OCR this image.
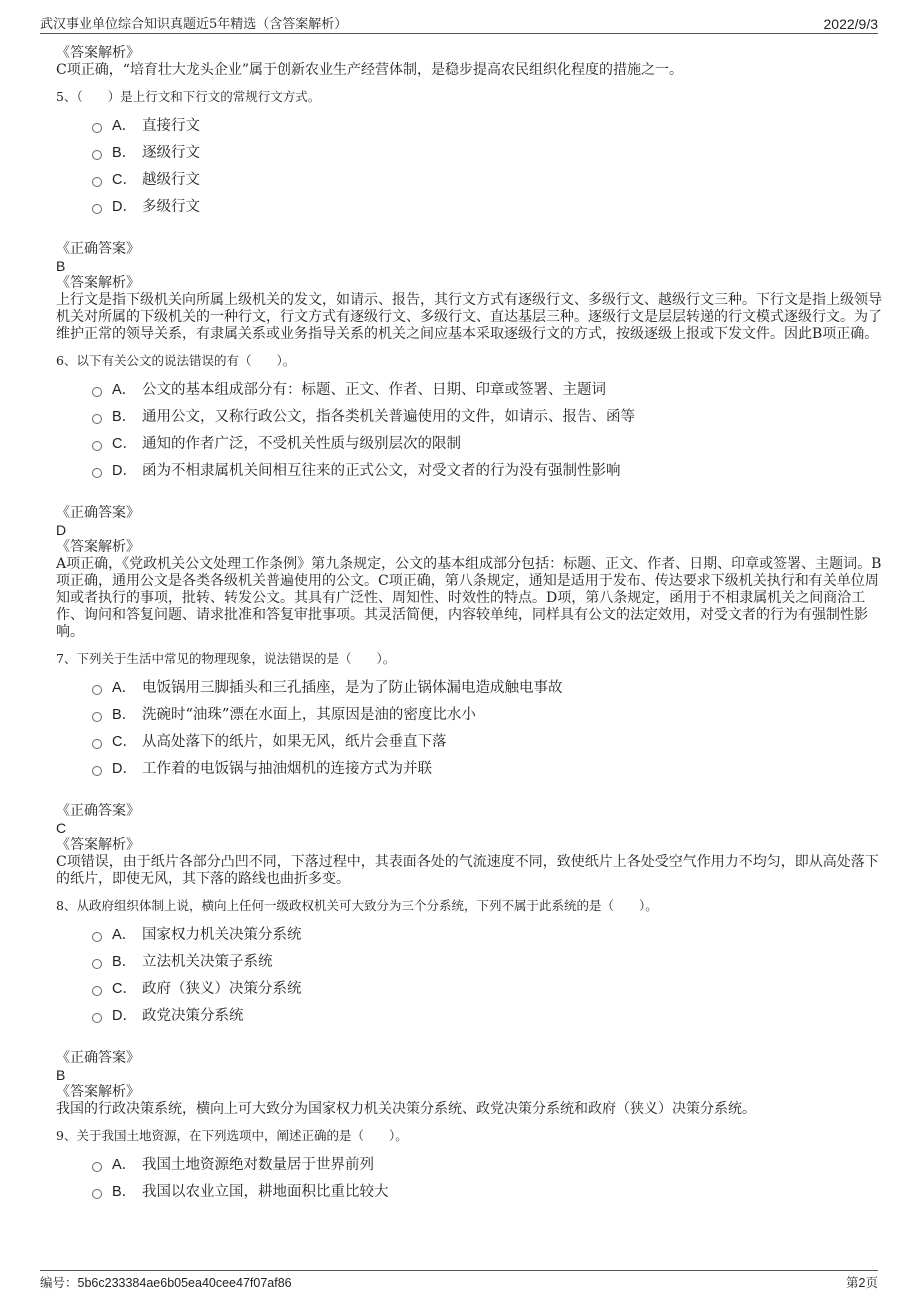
武汉事业单位综合知识真题近5年精选（含答案解析）	2022/9/3
《答案解析》
C项正确，“培育壮大龙头企业”属于创新农业生产经营体制，是稳步提高农民组织化程度的措施之一。
5、（　　）是上行文和下行文的常规行文方式。
A． 直接行文
B． 逐级行文
C． 越级行文
D． 多级行文
《正确答案》
B
《答案解析》
上行文是指下级机关向所属上级机关的发文，如请示、报告，其行文方式有逐级行文、多级行文、越级行文三种。下行文是指上级领导机关对所属的下级机关的一种行文，行文方式有逐级行文、多级行文、直达基层三种。逐级行文是层层转递的行文模式逐级行文。为了维护正常的领导关系，有隶属关系或业务指导关系的机关之间应基本采取逐级行文的方式，按级逐级上报或下发文件。因此B项正确。
6、以下有关公文的说法错误的有（　　）。
A． 公文的基本组成部分有：标题、正文、作者、日期、印章或签署、主题词
B． 通用公文，又称行政公文，指各类机关普遍使用的文件，如请示、报告、函等
C． 通知的作者广泛，不受机关性质与级别层次的限制
D． 函为不相隶属机关间相互往来的正式公文，对受文者的行为没有强制性影响
《正确答案》
D
《答案解析》
A项正确，《党政机关公文处理工作条例》第九条规定，公文的基本组成部分包括：标题、正文、作者、日期、印章或签署、主题词。B项正确，通用公文是各类各级机关普遍使用的公文。C项正确，第八条规定，通知是适用于发布、传达要求下级机关执行和有关单位周知或者执行的事项，批转、转发公文。其具有广泛性、周知性、时效性的特点。D项，第八条规定，函用于不相隶属机关之间商洽工作、询问和答复问题、请求批准和答复审批事项。其灵活简便，内容较单纯，同样具有公文的法定效用，对受文者的行为有强制性影响。
7、下列关于生活中常见的物理现象，说法错误的是（　　）。
A． 电饭锅用三脚插头和三孔插座，是为了防止锅体漏电造成触电事故
B． 洗碗时“油珠”漂在水面上，其原因是油的密度比水小
C． 从高处落下的纸片，如果无风，纸片会垂直下落
D． 工作着的电饭锅与抽油烟机的连接方式为并联
《正确答案》
C
《答案解析》
C项错误，由于纸片各部分凸凹不同，下落过程中，其表面各处的气流速度不同，致使纸片上各处受空气作用力不均匀，即从高处落下的纸片，即使无风，其下落的路线也曲折多变。
8、从政府组织体制上说，横向上任何一级政权机关可大致分为三个分系统，下列不属于此系统的是（　　）。
A． 国家权力机关决策分系统
B． 立法机关决策子系统
C． 政府（狭义）决策分系统
D． 政党决策分系统
《正确答案》
B
《答案解析》
我国的行政决策系统，横向上可大致分为国家权力机关决策分系统、政党决策分系统和政府（狭义）决策分系统。
9、关于我国土地资源，在下列选项中，阐述正确的是（　　）。
A． 我国土地资源绝对数量居于世界前列
B． 我国以农业立国，耕地面积比重比较大
编号：5b6c233384ae6b05ea40cee47f07af86	第2页
